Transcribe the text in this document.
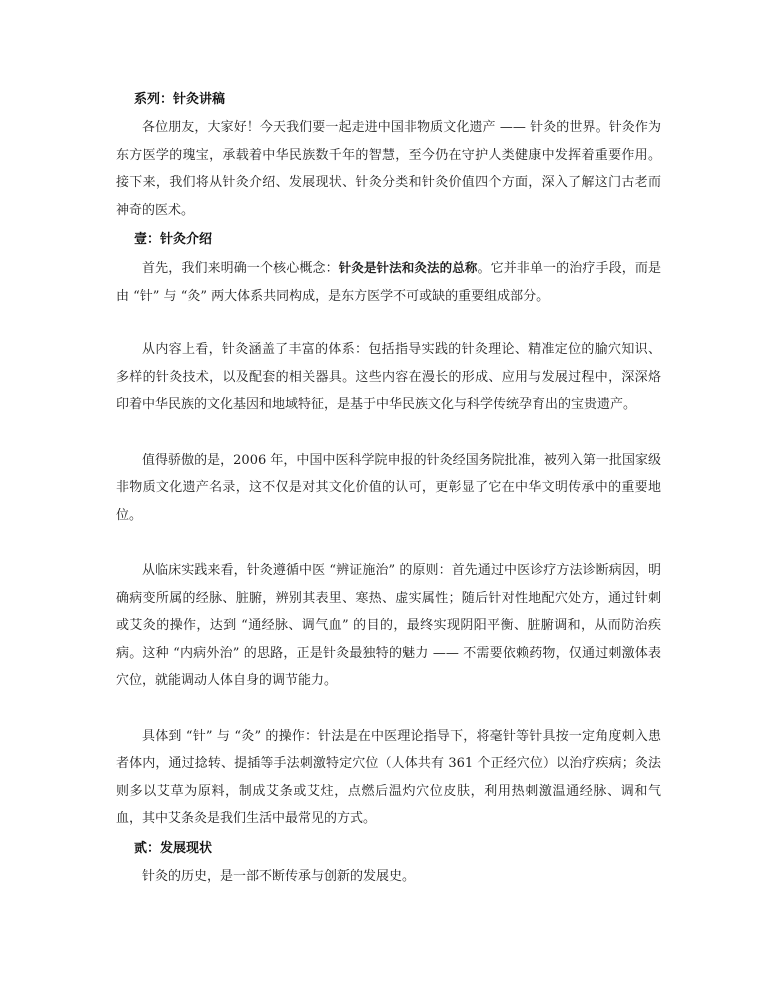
系列：针灸讲稿

各位朋友，大家好！今天我们要一起走进中国非物质文化遗产 —— 针灸的世界。针灸作为东方医学的瑰宝，承载着中华民族数千年的智慧，至今仍在守护人类健康中发挥着重要作用。接下来，我们将从针灸介绍、发展现状、针灸分类和针灸价值四个方面，深入了解这门古老而神奇的医术。

壹：针灸介绍

首先，我们来明确一个核心概念：针灸是针法和灸法的总称。它并非单一的治疗手段，而是由 “针” 与 “灸” 两大体系共同构成，是东方医学不可或缺的重要组成部分。

从内容上看，针灸涵盖了丰富的体系：包括指导实践的针灸理论、精准定位的腧穴知识、多样的针灸技术，以及配套的相关器具。这些内容在漫长的形成、应用与发展过程中，深深烙印着中华民族的文化基因和地域特征，是基于中华民族文化与科学传统孕育出的宝贵遗产。

值得骄傲的是，2006 年，中国中医科学院申报的针灸经国务院批准，被列入第一批国家级非物质文化遗产名录，这不仅是对其文化价值的认可，更彰显了它在中华文明传承中的重要地位。

从临床实践来看，针灸遵循中医 “辨证施治” 的原则：首先通过中医诊疗方法诊断病因，明确病变所属的经脉、脏腑，辨别其表里、寒热、虚实属性；随后针对性地配穴处方，通过针刺或艾灸的操作，达到 “通经脉、调气血” 的目的，最终实现阴阳平衡、脏腑调和，从而防治疾病。这种 “内病外治” 的思路，正是针灸最独特的魅力 —— 不需要依赖药物，仅通过刺激体表穴位，就能调动人体自身的调节能力。

具体到 “针” 与 “灸” 的操作：针法是在中医理论指导下，将毫针等针具按一定角度刺入患者体内，通过捻转、提插等手法刺激特定穴位（人体共有 361 个正经穴位）以治疗疾病；灸法则多以艾草为原料，制成艾条或艾炷，点燃后温灼穴位皮肤，利用热刺激温通经脉、调和气血，其中艾条灸是我们生活中最常见的方式。

贰：发展现状

针灸的历史，是一部不断传承与创新的发展史。
